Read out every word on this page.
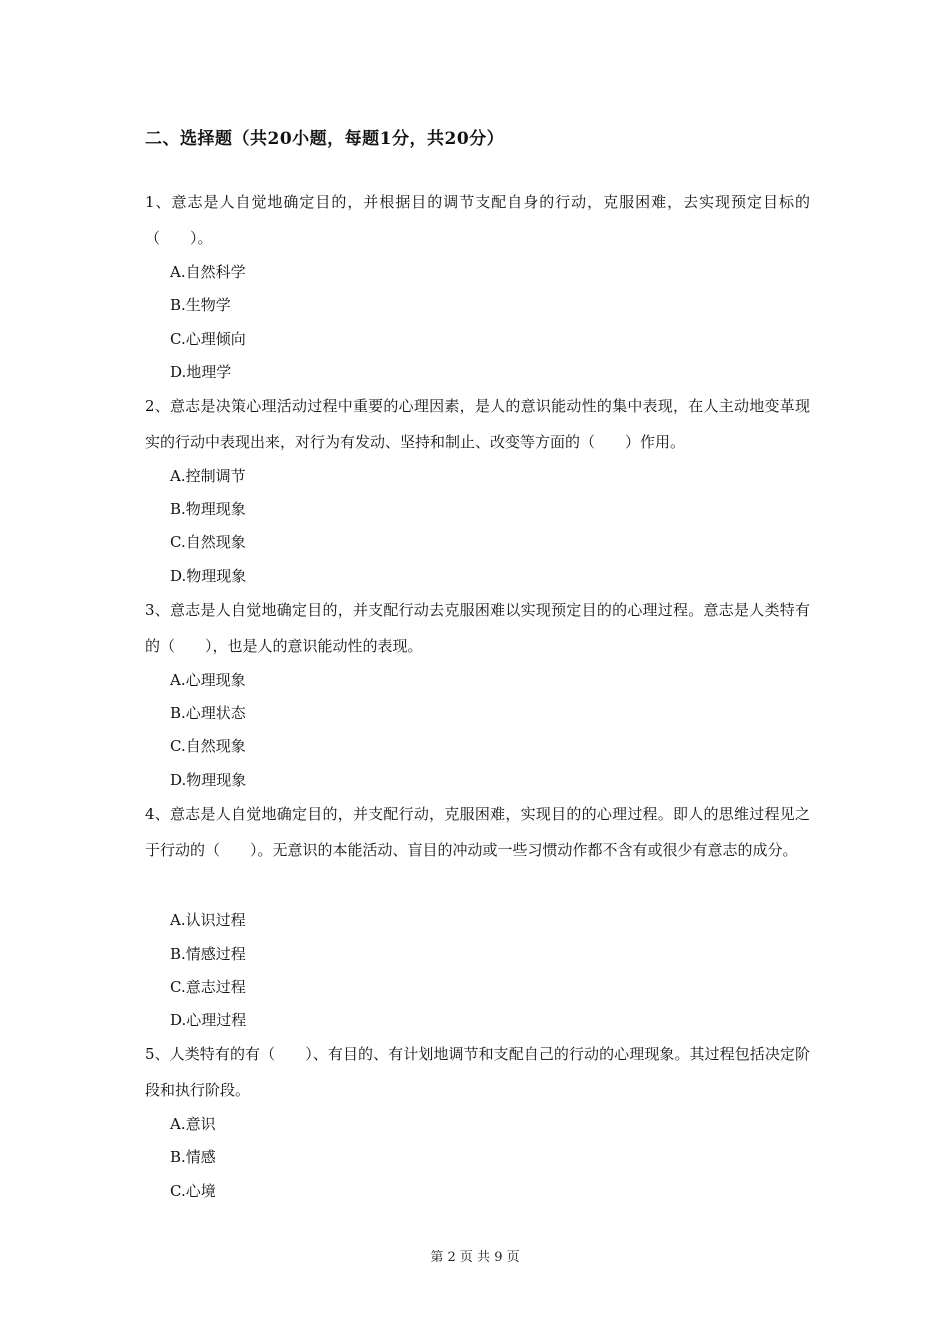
二、选择题（共20小题，每题1分，共20分）
1、意志是人自觉地确定目的，并根据目的调节支配自身的行动，克服困难，去实现预定目标的（　　）。
A.自然科学
B.生物学
C.心理倾向
D.地理学
2、意志是决策心理活动过程中重要的心理因素，是人的意识能动性的集中表现，在人主动地变革现实的行动中表现出来，对行为有发动、坚持和制止、改变等方面的（　　）作用。
A.控制调节
B.物理现象
C.自然现象
D.物理现象
3、意志是人自觉地确定目的，并支配行动去克服困难以实现预定目的的心理过程。意志是人类特有的（　　），也是人的意识能动性的表现。
A.心理现象
B.心理状态
C.自然现象
D.物理现象
4、意志是人自觉地确定目的，并支配行动，克服困难，实现目的的心理过程。即人的思维过程见之于行动的（　　）。无意识的本能活动、盲目的冲动或一些习惯动作都不含有或很少有意志的成分。
A.认识过程
B.情感过程
C.意志过程
D.心理过程
5、人类特有的有（　　）、有目的、有计划地调节和支配自己的行动的心理现象。其过程包括决定阶段和执行阶段。
A.意识
B.情感
C.心境
第 2 页 共 9 页
